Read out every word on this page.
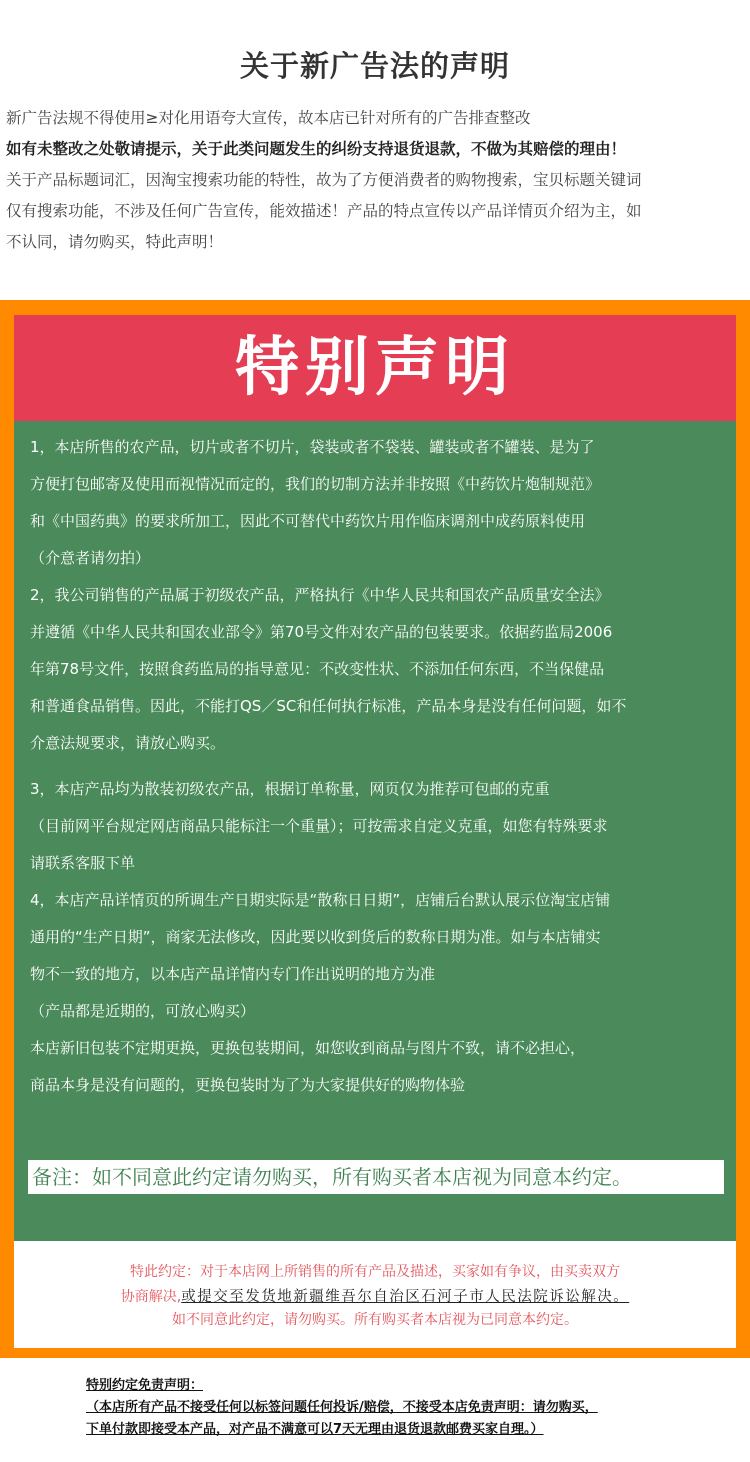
关于新广告法的声明
新广告法规不得使用≥对化用语夸大宣传，故本店已针对所有的广告排查整改
如有未整改之处敬请提示，关于此类问题发生的纠纷支持退货退款，不做为其赔偿的理由！
关于产品标题词汇，因淘宝搜索功能的特性，故为了方便消费者的购物搜索，宝贝标题关键词
仅有搜索功能，不涉及任何广告宣传，能效描述！产品的特点宣传以产品详情页介绍为主，如
不认同，请勿购买，特此声明！
特别声明
1，本店所售的农产品，切片或者不切片，袋装或者不袋装、罐装或者不罐装、是为了
方便打包邮寄及使用而视情况而定的，我们的切制方法并非按照《中药饮片炮制规范》
和《中国药典》的要求所加工，因此不可替代中药饮片用作临床调剂中成药原料使用
（介意者请勿拍）
2，我公司销售的产品属于初级农产品，严格执行《中华人民共和国农产品质量安全法》
并遵循《中华人民共和国农业部令》第70号文件对农产品的包装要求。依据药监局2006
年第78号文件，按照食药监局的指导意见：不改变性状、不添加任何东西，不当保健品
和普通食品销售。因此，不能打QS／SC和任何执行标准，产品本身是没有任何问题，如不
介意法规要求，请放心购买。
3，本店产品均为散装初级农产品，根据订单称量，网页仅为推荐可包邮的克重
（目前网平台规定网店商品只能标注一个重量）；可按需求自定义克重，如您有特殊要求
请联系客服下单
4，本店产品详情页的所调生产日期实际是“散称日日期”，店铺后台默认展示位淘宝店铺
通用的“生产日期”，商家无法修改，因此要以收到货后的数称日期为准。如与本店铺实
物不一致的地方，以本店产品详情内专门作出说明的地方为准
（产品都是近期的，可放心购买）
本店新旧包装不定期更换，更换包装期间，如您收到商品与图片不致，请不必担心，
商品本身是没有问题的，更换包装时为了为大家提供好的购物体验
备注：如不同意此约定请勿购买，所有购买者本店视为同意本约定。
特此约定：对于本店网上所销售的所有产品及描述，买家如有争议，由买卖双方
协商解决,或提交至发货地新疆维吾尔自治区石河子市人民法院诉讼解决。
如不同意此约定，请勿购买。所有购买者本店视为已同意本约定。
特别约定免责声明：
（本店所有产品不接受任何以标签问题任何投诉/赔偿，不接受本店免责声明：请勿购买，
下单付款即接受本产品，对产品不满意可以7天无理由退货退款邮费买家自理。）
